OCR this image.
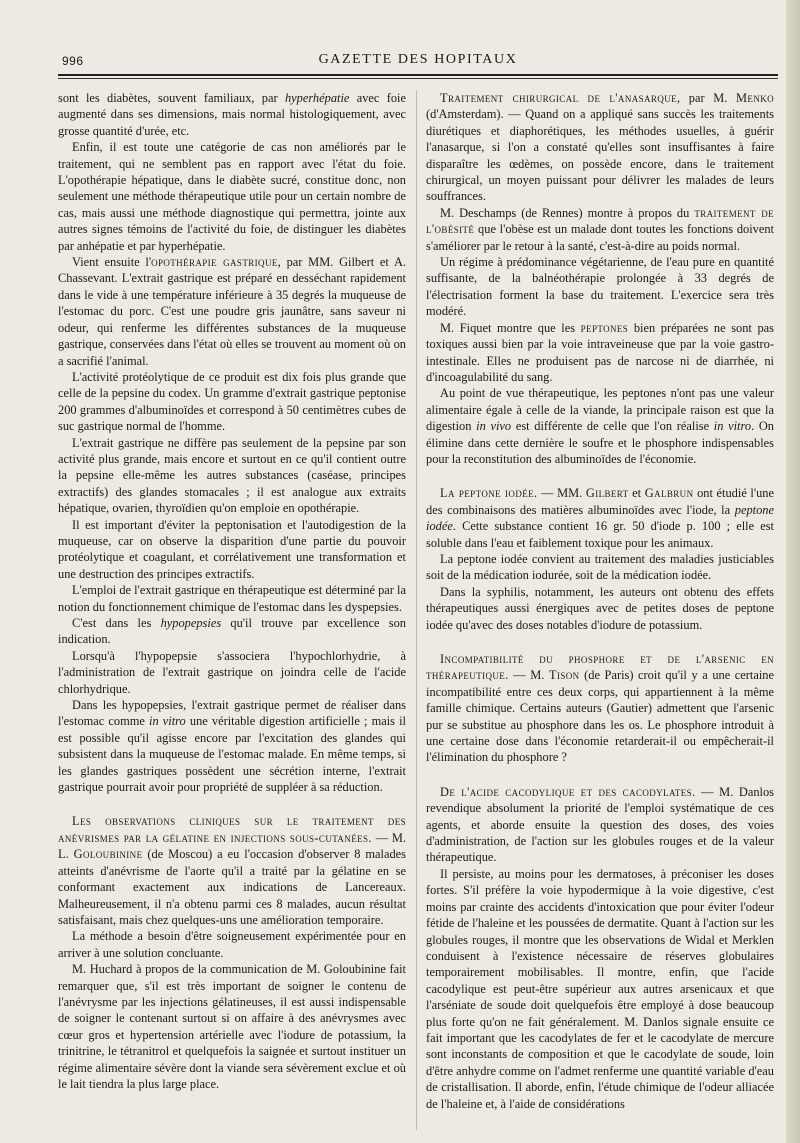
996	GAZETTE DES HOPITAUX

sont les diabètes, souvent familiaux, par hyperhépatie avec foie augmenté dans ses dimensions, mais normal histologiquement, avec grosse quantité d'urée, etc.

Enfin, il est toute une catégorie de cas non améliorés par le traitement, qui ne semblent pas en rapport avec l'état du foie. L'opothérapie hépatique, dans le diabète sucré, constitue donc, non seulement une méthode thérapeutique utile pour un certain nombre de cas, mais aussi une méthode diagnostique qui permettra, jointe aux autres signes témoins de l'activité du foie, de distinguer les diabètes par anhépatie et par hyperhépatie.

Vient ensuite l'opothérapie gastrique, par MM. Gilbert et A. Chassevant. L'extrait gastrique est préparé en desséchant rapidement dans le vide à une température inférieure à 35 degrés la muqueuse de l'estomac du porc. C'est une poudre gris jaunâtre, sans saveur ni odeur, qui renferme les différentes substances de la muqueuse gastrique, conservées dans l'état où elles se trouvent au moment où on a sacrifié l'animal.

L'activité protéolytique de ce produit est dix fois plus grande que celle de la pepsine du codex. Un gramme d'extrait gastrique peptonise 200 grammes d'albuminoïdes et correspond à 50 centimètres cubes de suc gastrique normal de l'homme.

L'extrait gastrique ne diffère pas seulement de la pepsine par son activité plus grande, mais encore et surtout en ce qu'il contient outre la pepsine elle-même les autres substances (caséase, principes extractifs) des glandes stomacales ; il est analogue aux extraits hépatique, ovarien, thyroïdien qu'on emploie en opothérapie.

Il est important d'éviter la peptonisation et l'autodigestion de la muqueuse, car on observe la disparition d'une partie du pouvoir protéolytique et coagulant, et corrélativement une transformation et une destruction des principes extractifs.

L'emploi de l'extrait gastrique en thérapeutique est déterminé par la notion du fonctionnement chimique de l'estomac dans les dyspepsies.

C'est dans les hypopepsies qu'il trouve par excellence son indication.

Lorsqu'à l'hypopepsie s'associera l'hypochlorhydrie, à l'administration de l'extrait gastrique on joindra celle de l'acide chlorhydrique.

Dans les hypopepsies, l'extrait gastrique permet de réaliser dans l'estomac comme in vitro une véritable digestion artificielle ; mais il est possible qu'il agisse encore par l'excitation des glandes qui subsistent dans la muqueuse de l'estomac malade. En même temps, si les glandes gastriques possèdent une sécrétion interne, l'extrait gastrique pourrait avoir pour propriété de suppléer à sa réduction.

Les observations cliniques sur le traitement des anévrismes par la gélatine en injections sous-cutanées. — M. L. Goloubinine (de Moscou) a eu l'occasion d'observer 8 malades atteints d'anévrisme de l'aorte qu'il a traité par la gélatine en se conformant exactement aux indications de Lancereaux. Malheureusement, il n'a obtenu parmi ces 8 malades, aucun résultat satisfaisant, mais chez quelques-uns une amélioration temporaire.

La méthode a besoin d'être soigneusement expérimentée pour en arriver à une solution concluante.

M. Huchard à propos de la communication de M. Goloubinine fait remarquer que, s'il est très important de soigner le contenu de l'anévrysme par les injections gélatineuses, il est aussi indispensable de soigner le contenant surtout si on affaire à des anévrysmes avec cœur gros et hypertension artérielle avec l'iodure de potassium, la trinitrine, le tétranitrol et quelquefois la saignée et surtout instituer un régime alimentaire sévère dont la viande sera sévèrement exclue et où le lait tiendra la plus large place.

Traitement chirurgical de l'anasarque, par M. Menko (d'Amsterdam). — Quand on a appliqué sans succès les traitements diurétiques et diaphorétiques, les méthodes usuelles, à guérir l'anasarque, si l'on a constaté qu'elles sont insuffisantes à faire disparaître les œdèmes, on possède encore, dans le traitement chirurgical, un moyen puissant pour délivrer les malades de leurs souffrances.

M. Deschamps (de Rennes) montre à propos du traitement de l'obésité que l'obèse est un malade dont toutes les fonctions doivent s'améliorer par le retour à la santé, c'est-à-dire au poids normal.

Un régime à prédominance végétarienne, de l'eau pure en quantité suffisante, de la balnéothérapie prolongée à 33 degrés de l'électrisation forment la base du traitement. L'exercice sera très modéré.

M. Fiquet montre que les peptones bien préparées ne sont pas toxiques aussi bien par la voie intraveineuse que par la voie gastro-intestinale. Elles ne produisent pas de narcose ni de diarrhée, ni d'incoagulabilité du sang.

Au point de vue thérapeutique, les peptones n'ont pas une valeur alimentaire égale à celle de la viande, la principale raison est que la digestion in vivo est différente de celle que l'on réalise in vitro. On élimine dans cette dernière le soufre et le phosphore indispensables pour la reconstitution des albuminoïdes de l'économie.

La peptone iodée. — MM. Gilbert et Galbrun ont étudié l'une des combinaisons des matières albuminoïdes avec l'iode, la peptone iodée. Cette substance contient 16 gr. 50 d'iode p. 100 ; elle est soluble dans l'eau et faiblement toxique pour les animaux.

La peptone iodée convient au traitement des maladies justiciables soit de la médication iodurée, soit de la médication iodée.

Dans la syphilis, notamment, les auteurs ont obtenu des effets thérapeutiques aussi énergiques avec de petites doses de peptone iodée qu'avec des doses notables d'iodure de potassium.

Incompatibilité du phosphore et de l'arsenic en thérapeutique. — M. Tison (de Paris) croit qu'il y a une certaine incompatibilité entre ces deux corps, qui appartiennent à la même famille chimique. Certains auteurs (Gautier) admettent que l'arsenic pur se substitue au phosphore dans les os. Le phosphore introduit à une certaine dose dans l'économie retarderait-il ou empêcherait-il l'élimination du phosphore ?

De l'acide cacodylique et des cacodylates. — M. Danlos revendique absolument la priorité de l'emploi systématique de ces agents, et aborde ensuite la question des doses, des voies d'administration, de l'action sur les globules rouges et de la valeur thérapeutique.

Il persiste, au moins pour les dermatoses, à préconiser les doses fortes. S'il préfère la voie hypodermique à la voie digestive, c'est moins par crainte des accidents d'intoxication que pour éviter l'odeur fétide de l'haleine et les poussées de dermatite. Quant à l'action sur les globules rouges, il montre que les observations de Widal et Merklen conduisent à l'existence nécessaire de réserves globulaires temporairement mobilisables. Il montre, enfin, que l'acide cacodylique est peut-être supérieur aux autres arsenicaux et que l'arséniate de soude doit quelquefois être employé à dose beaucoup plus forte qu'on ne fait généralement. M. Danlos signale ensuite ce fait important que les cacodylates de fer et le cacodylate de mercure sont inconstants de composition et que le cacodylate de soude, loin d'être anhydre comme on l'admet renferme une quantité variable d'eau de cristallisation. Il aborde, enfin, l'étude chimique de l'odeur alliacée de l'haleine et, à l'aide de considérations
